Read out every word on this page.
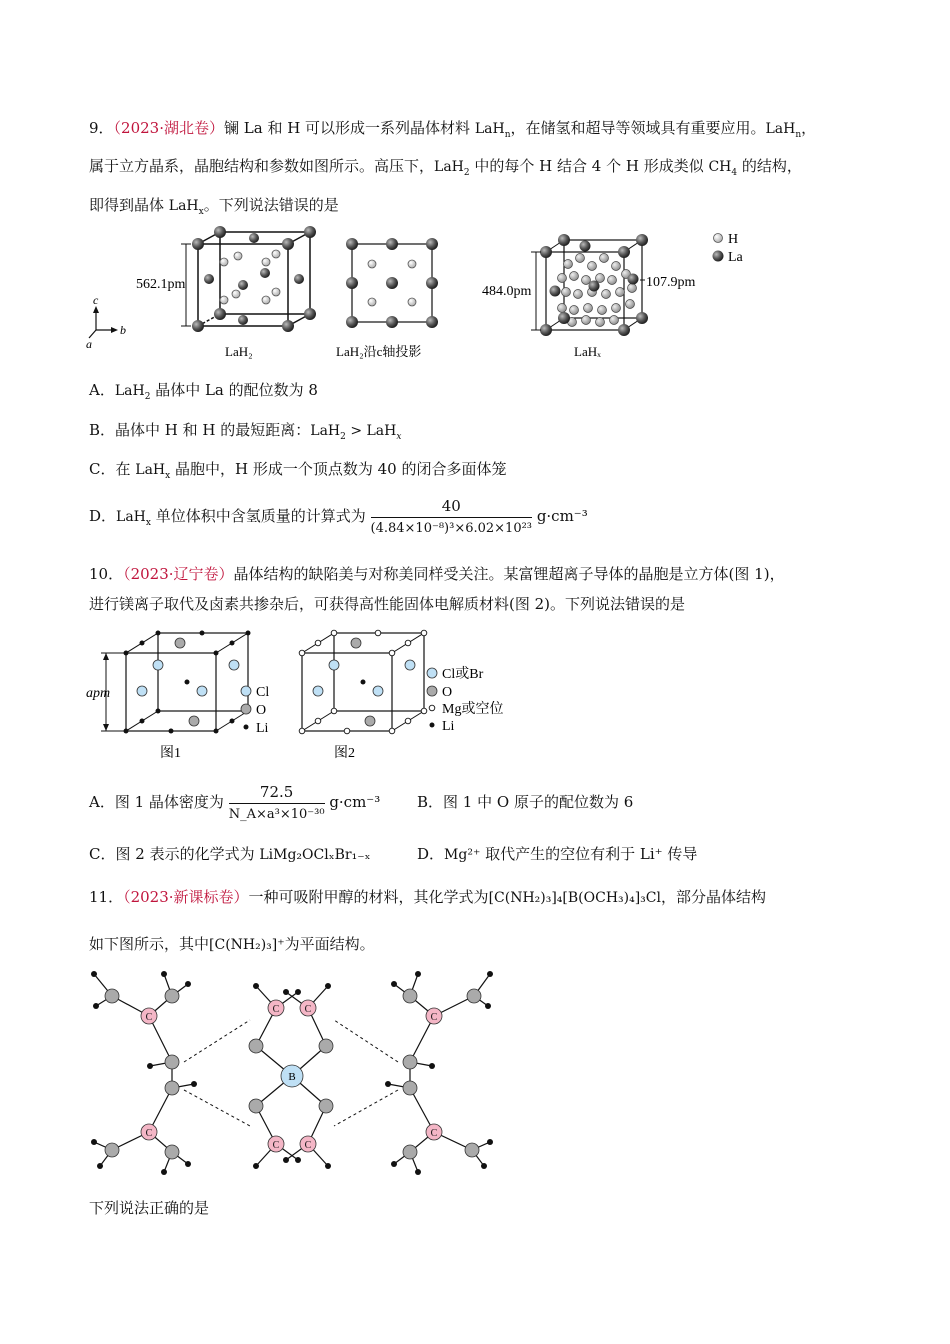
9．（2023·湖北卷）镧 La 和 H 可以形成一系列晶体材料 LaH$_n$，在储氢和超导等领域具有重要应用。LaH$_n$，
属于立方晶系，晶胞结构和参数如图所示。高压下，LaH$_2$ 中的每个 H 结合 4 个 H 形成类似 $CH_4$ 的结构，
即得到晶体 LaH$_x$。下列说法错误的是
562.1pm
LaH₂
c
b
a	LaH₂沿c轴投影
484.0pm
107.9pm
LaHₓ
H
La
A．LaH$_2$ 晶体中 La 的配位数为 8
B．晶体中 H 和 H 的最短距离：LaH$_2$ > LaH$_x$
C．在 LaH$_x$ 晶胞中，H 形成一个顶点数为 40 的闭合多面体笼
D．LaH$_x$ 单位体积中含氢质量的计算式为 $\frac{40}{\text{(4.84×10⁻⁸)³×6.02×10²³}} g\cdot cm^{-3}$
10．（2023·辽宁卷）晶体结构的缺陷美与对称美同样受关注。某富锂超离子导体的晶胞是立方体(图 1)，
进行镁离子取代及卤素共掺杂后，可获得高性能固体电解质材料(图 2)。下列说法错误的是
apm	Cl
O
Li
图1
Cl或Br
O
Mg或空位
Li
图2
A．图 1 晶体密度为 $\frac{72.5}{\text{N\_A×a³×10⁻³⁰}} g\cdot cm^{-3}$ B．图 1 中 O 原子的配位数为 6
C．图 2 表示的化学式为 LiMg₂OClₓBr₁₋ₓ	D．Mg²⁺ 取代产生的空位有利于 Li⁺ 传导
11．（2023·新课标卷）一种可吸附甲醇的材料，其化学式为[C(NH₂)₃]₄[B(OCH₃)₄]₃Cl，部分晶体结构
如下图所示，其中[C(NH₂)₃]⁺为平面结构。
C
C
C	C
C	C
C
C
B
下列说法正确的是
